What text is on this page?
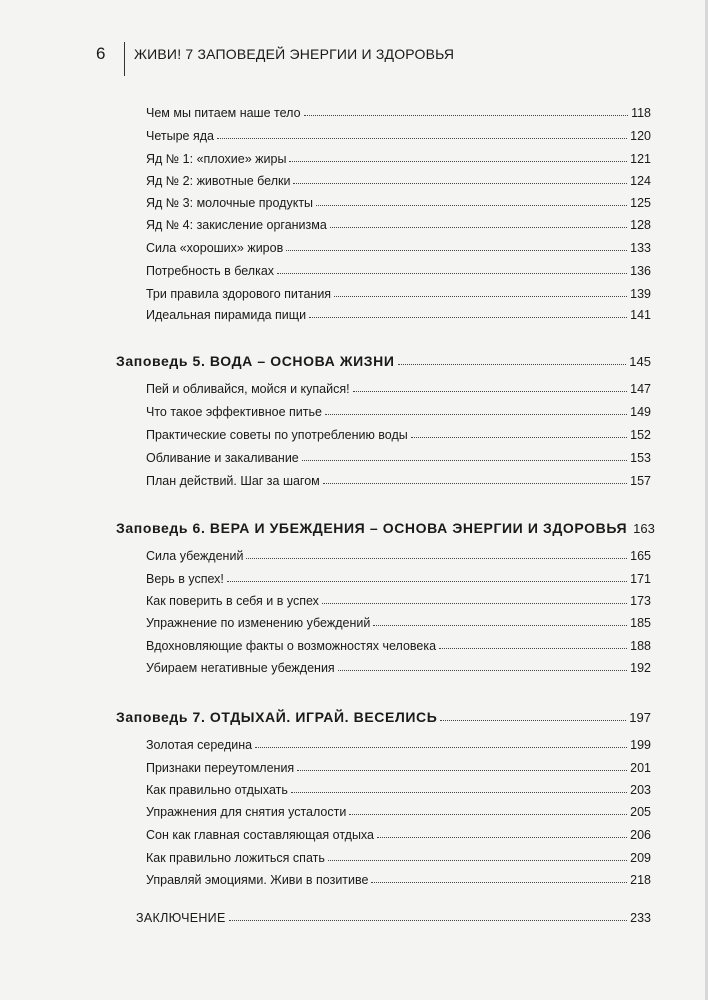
6 ЖИВИ! 7 ЗАПОВЕДЕЙ ЭНЕРГИИ И ЗДОРОВЬЯ
Чем мы питаем наше тело	118
Четыре яда	120
Яд № 1: «плохие» жиры	121
Яд № 2: животные белки	124
Яд № 3: молочные продукты	125
Яд № 4: закисление организма	128
Сила «хороших» жиров	133
Потребность в белках	136
Три правила здорового питания	139
Идеальная пирамида пищи	141
Заповедь 5. ВОДА – ОСНОВА ЖИЗНИ	145
Пей и обливайся, мойся и купайся!	147
Что такое эффективное питье	149
Практические советы по употреблению воды	152
Обливание и закаливание	153
План действий. Шаг за шагом	157
Заповедь 6. ВЕРА И УБЕЖДЕНИЯ – ОСНОВА ЭНЕРГИИ И ЗДОРОВЬЯ 163
Сила убеждений	165
Верь в успех!	171
Как поверить в себя и в успех	173
Упражнение по изменению убеждений	185
Вдохновляющие факты о возможностях человека	188
Убираем негативные убеждения	192
Заповедь 7. ОТДЫХАЙ. ИГРАЙ. ВЕСЕЛИСЬ	197
Золотая середина	199
Признаки переутомления	201
Как правильно отдыхать	203
Упражнения для снятия усталости	205
Сон как главная составляющая отдыха	206
Как правильно ложиться спать	209
Управляй эмоциями. Живи в позитиве	218
ЗАКЛЮЧЕНИЕ	233
